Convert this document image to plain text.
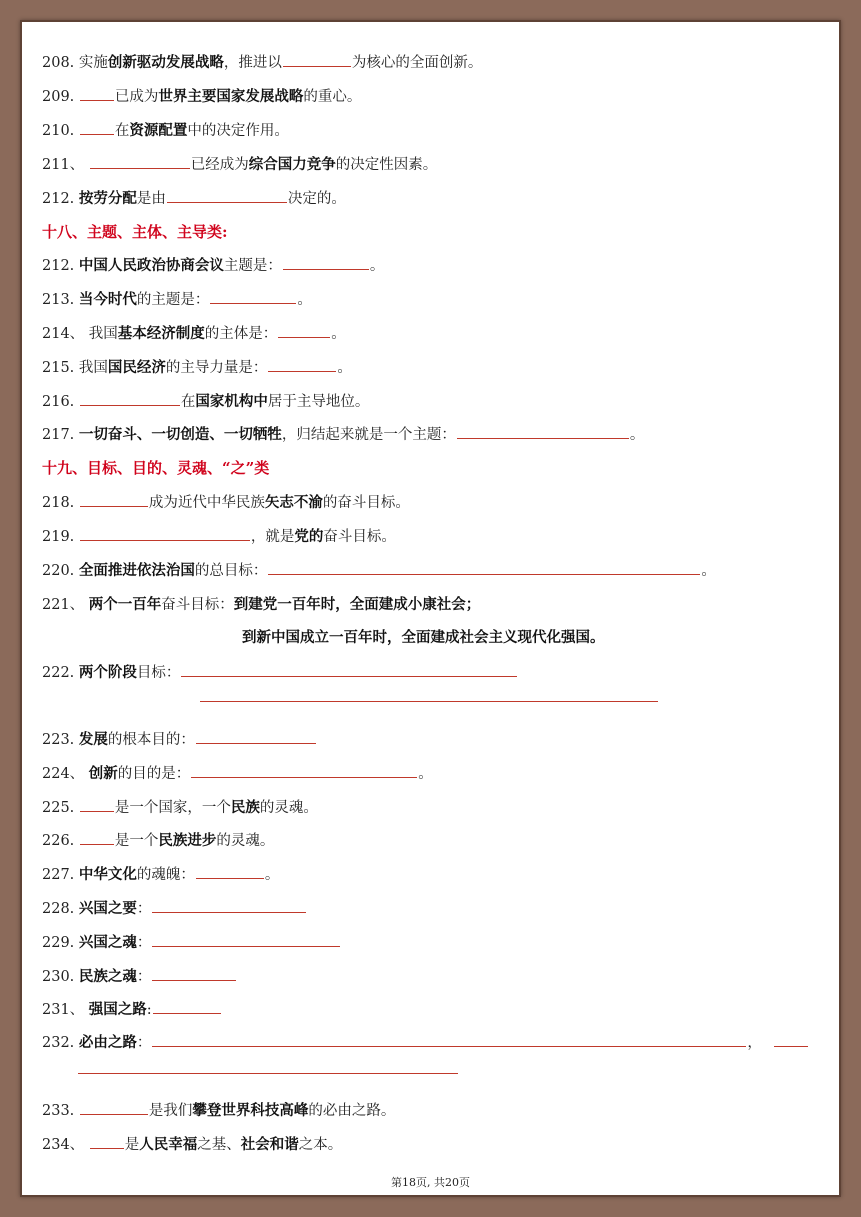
208. 实施创新驱动发展战略，推进以	为核心的全面创新。
209.	已成为世界主要国家发展战略的重心。
210.	在资源配置中的决定作用。
211、	已经成为综合国力竞争的决定性因素。
212. 按劳分配是由	决定的。
十八、主题、主体、主导类:
212. 中国人民政治协商会议主题是：	。
213. 当今时代的主题是：	。
214、 我国基本经济制度的主体是：	。
215. 我国国民经济的主导力量是：	。
216.	在国家机构中居于主导地位。
217. 一切奋斗、一切创造、一切牺牲，归结起来就是一个主题：	。
十九、目标、目的、灵魂、“之”类
218.	成为近代中华民族矢志不渝的奋斗目标。
219.	，就是党的奋斗目标。
220. 全面推进依法治国的总目标：	。
221、 两个一百年奋斗目标：到建党一百年时，全面建成小康社会；
到新中国成立一百年时，全面建成社会主义现代化强国。
222. 两个阶段目标：
223. 发展的根本目的：
224、 创新的目的是：	。
225.	是一个国家，一个民族的灵魂。
226.	是一个民族进步的灵魂。
227. 中华文化的魂魄：	。
228. 兴国之要：
229. 兴国之魂：
230. 民族之魂：
231、 强国之路:
232. 必由之路：	，
233.	是我们攀登世界科技高峰的必由之路。
234、	是人民幸福之基、社会和谐之本。
第18页, 共20页
